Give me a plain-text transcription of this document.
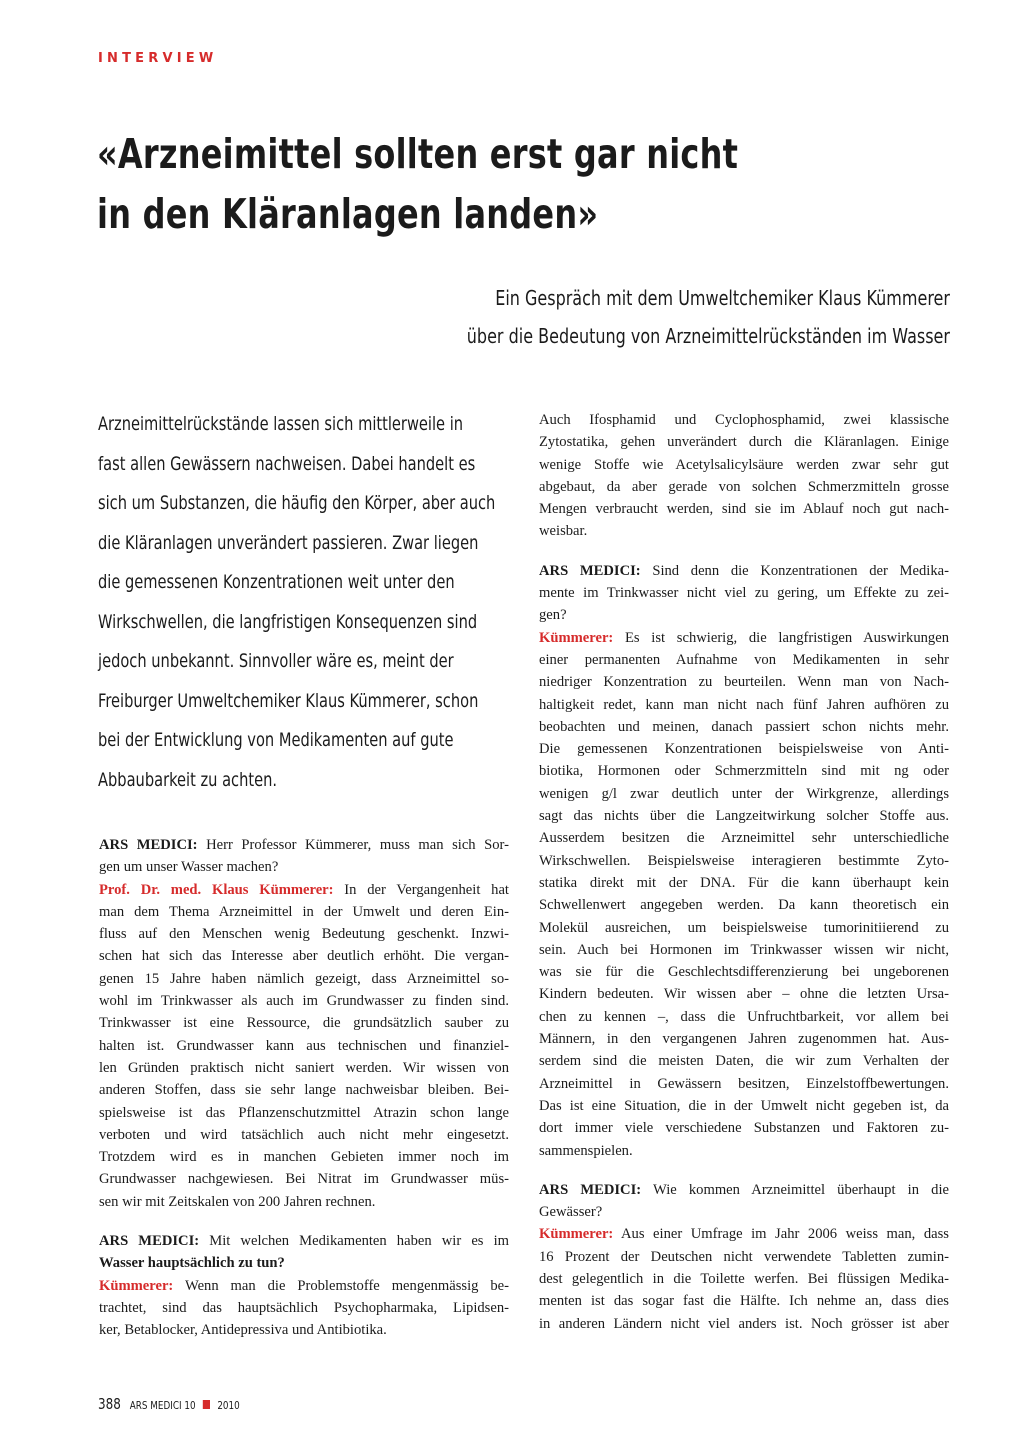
INTERVIEW
«Arzneimittel sollten erst gar nicht
in den Kläranlagen landen»
Ein Gespräch mit dem Umweltchemiker Klaus Kümmerer
über die Bedeutung von Arzneimittelrückständen im Wasser
Arzneimittelrückstände lassen sich mittlerweile in
fast allen Gewässern nachweisen. Dabei handelt es
sich um Substanzen, die häufig den Körper, aber auch
die Kläranlagen unverändert passieren. Zwar liegen
die gemessenen Konzentrationen weit unter den
Wirkschwellen, die langfristigen Konsequenzen sind
jedoch unbekannt. Sinnvoller wäre es, meint der
Freiburger Umweltchemiker Klaus Kümmerer, schon
bei der Entwicklung von Medikamenten auf gute
Abbaubarkeit zu achten.
ARS MEDICI: Herr Professor Kümmerer, muss man sich Sor-
gen um unser Wasser machen?
Prof. Dr. med. Klaus Kümmerer: In der Vergangenheit hat
man dem Thema Arzneimittel in der Umwelt und deren Ein-
fluss auf den Menschen wenig Bedeutung geschenkt. Inzwi-
schen hat sich das Interesse aber deutlich erhöht. Die vergan-
genen 15 Jahre haben nämlich gezeigt, dass Arzneimittel so-
wohl im Trinkwasser als auch im Grundwasser zu finden sind.
Trinkwasser ist eine Ressource, die grundsätzlich sauber zu
halten ist. Grundwasser kann aus technischen und finanziel-
len Gründen praktisch nicht saniert werden. Wir wissen von
anderen Stoffen, dass sie sehr lange nachweisbar bleiben. Bei-
spielsweise ist das Pflanzenschutzmittel Atrazin schon lange
verboten und wird tatsächlich auch nicht mehr eingesetzt.
Trotzdem wird es in manchen Gebieten immer noch im
Grundwasser nachgewiesen. Bei Nitrat im Grundwasser müs-
sen wir mit Zeitskalen von 200 Jahren rechnen.
ARS MEDICI: Mit welchen Medikamenten haben wir es im
Wasser hauptsächlich zu tun?
Kümmerer: Wenn man die Problemstoffe mengenmässig be-
trachtet, sind das hauptsächlich Psychopharmaka, Lipidsen-
ker, Betablocker, Antidepressiva und Antibiotika.
Auch Ifosphamid und Cyclophosphamid, zwei klassische
Zytostatika, gehen unverändert durch die Kläranlagen. Einige
wenige Stoffe wie Acetylsalicylsäure werden zwar sehr gut
abgebaut, da aber gerade von solchen Schmerzmitteln grosse
Mengen verbraucht werden, sind sie im Ablauf noch gut nach-
weisbar.
ARS MEDICI: Sind denn die Konzentrationen der Medika-
mente im Trinkwasser nicht viel zu gering, um Effekte zu zei-
gen?
Kümmerer: Es ist schwierig, die langfristigen Auswirkungen
einer permanenten Aufnahme von Medikamenten in sehr
niedriger Konzentration zu beurteilen. Wenn man von Nach-
haltigkeit redet, kann man nicht nach fünf Jahren aufhören zu
beobachten und meinen, danach passiert schon nichts mehr.
Die gemessenen Konzentrationen beispielsweise von Anti-
biotika, Hormonen oder Schmerzmitteln sind mit ng oder
wenigen g/l zwar deutlich unter der Wirkgrenze, allerdings
sagt das nichts über die Langzeitwirkung solcher Stoffe aus.
Ausserdem besitzen die Arzneimittel sehr unterschiedliche
Wirkschwellen. Beispielsweise interagieren bestimmte Zyto-
statika direkt mit der DNA. Für die kann überhaupt kein
Schwellenwert angegeben werden. Da kann theoretisch ein
Molekül ausreichen, um beispielsweise tumorinitiierend zu
sein. Auch bei Hormonen im Trinkwasser wissen wir nicht,
was sie für die Geschlechtsdifferenzierung bei ungeborenen
Kindern bedeuten. Wir wissen aber – ohne die letzten Ursa-
chen zu kennen –, dass die Unfruchtbarkeit, vor allem bei
Männern, in den vergangenen Jahren zugenommen hat. Aus-
serdem sind die meisten Daten, die wir zum Verhalten der
Arzneimittel in Gewässern besitzen, Einzelstoffbewertungen.
Das ist eine Situation, die in der Umwelt nicht gegeben ist, da
dort immer viele verschiedene Substanzen und Faktoren zu-
sammenspielen.
ARS MEDICI: Wie kommen Arzneimittel überhaupt in die
Gewässer?
Kümmerer: Aus einer Umfrage im Jahr 2006 weiss man, dass
16 Prozent der Deutschen nicht verwendete Tabletten zumin-
dest gelegentlich in die Toilette werfen. Bei flüssigen Medika-
menten ist das sogar fast die Hälfte. Ich nehme an, dass dies
in anderen Ländern nicht viel anders ist. Noch grösser ist aber
388 ARS MEDICI 10 2010
